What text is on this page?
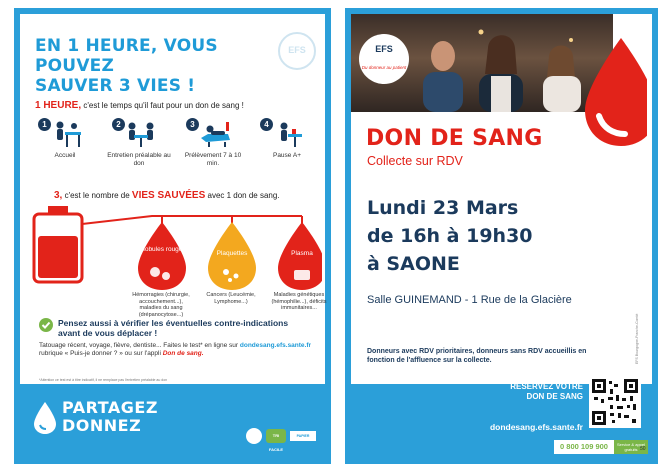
EN 1 HEURE, VOUS POUVEZ
SAUVER 3 VIES !
EFS
1 HEURE, c'est le temps qu'il faut pour un don de sang !
1
Accueil
2
Entretien préalable au don
3
Prélèvement 7 à 10 min.
4
Pause A+
3, c'est le nombre de VIES SAUVÉES avec 1 don de sang.
Globules rouges
Plaquettes	Plasma
Hémorragies (chirurgie, accouchement...), maladies du sang (drépanocytose...)
Cancers (Leucémie, Lymphome...)
Maladies génétiques (hémophilie...), déficits immunitaires...
Pensez aussi à vérifier les éventuelles contre-indications avant de vous déplacer !
Tatouage récent, voyage, fièvre, dentiste... Faites le test* en ligne sur dondesang.efs.sante.fr rubrique « Puis-je donner ? » ou sur l'appli Don de sang.
*Attention ce test est à titre indicatif, il ne remplace pas l'entretien préalable au don
PARTAGEZ
DONNEZ
TRI FACILE
PAPIER
EFS
Du donneur au patient
DON DE SANG
Collecte sur RDV
Lundi 23 Mars
de 16h à 19h30
à SAONE
Salle GUINEMAND - 1 Rue de la Glacière
Donneurs avec RDV prioritaires, donneurs sans RDV accueillis en fonction de l'affluence sur la collecte.	EFS Bourgogne-Franche-Comté
RÉSERVEZ VOTRE
DON DE SANG
dondesang.efs.sante.fr
0 800 109 900	Service & appel gratuits 50
